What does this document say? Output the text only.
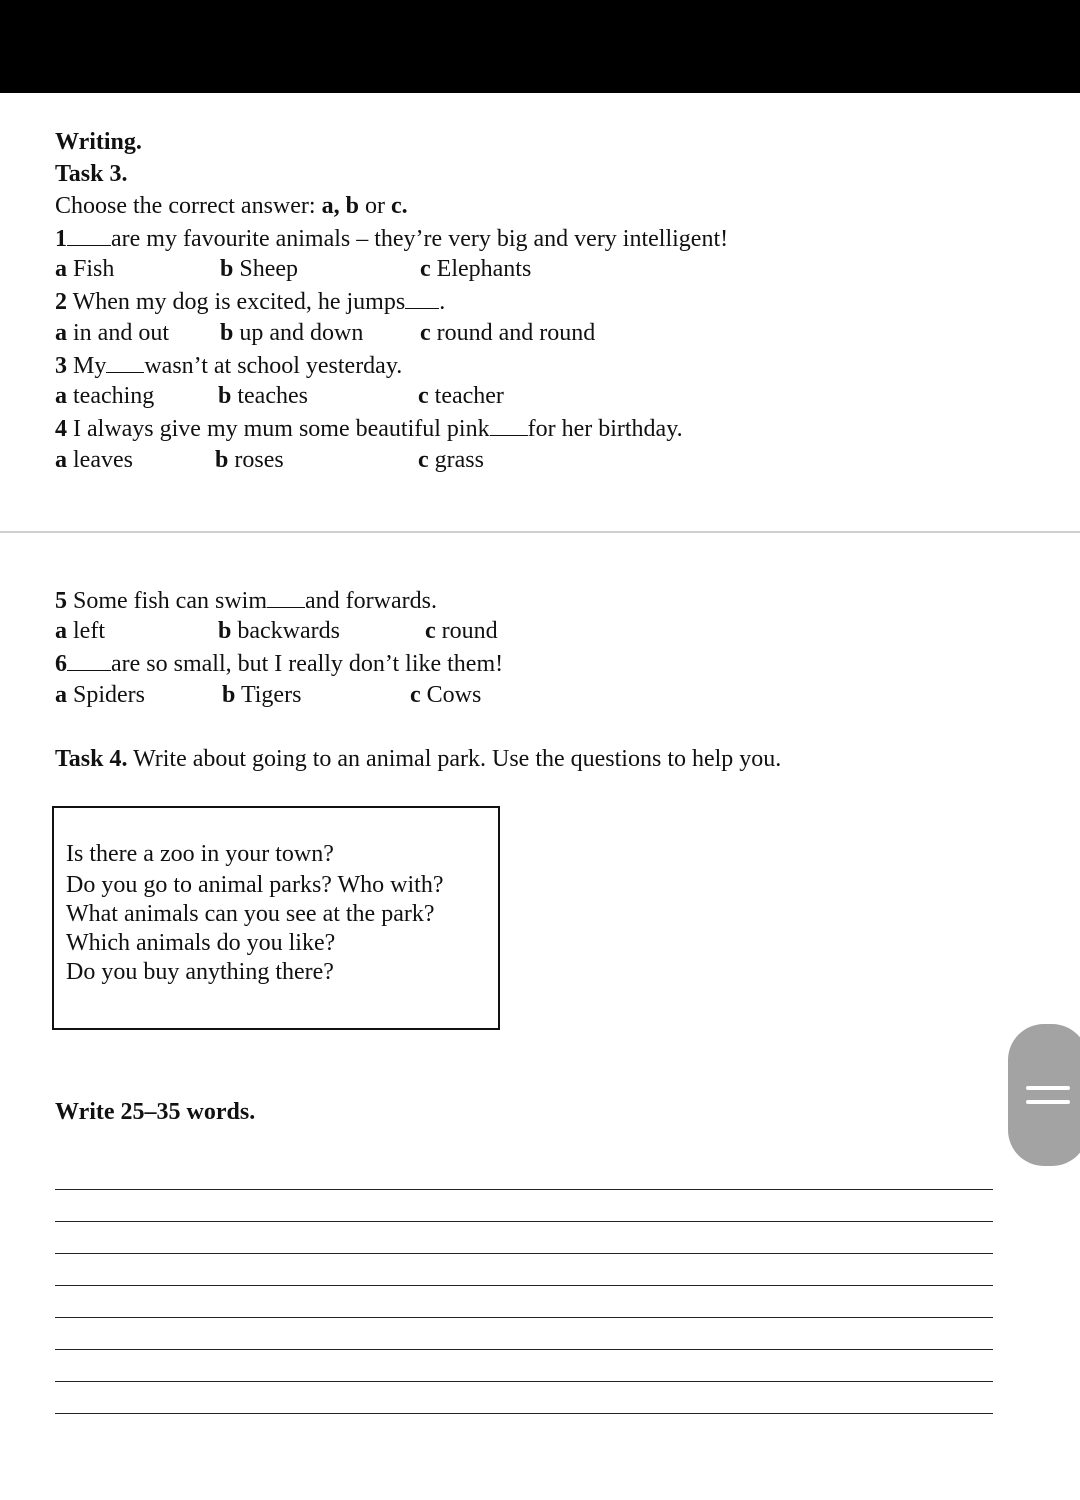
Writing.
Task 3.
Choose the correct answer: a, b or c.
1 are my favourite animals – they’re very big and very intelligent!
a Fish	b Sheep	c Elephants
2 When my dog is excited, he jumps .
a in and out b up and down c round and round
3 My wasn’t at school yesterday.
a teaching	b teaches	c teacher
4 I always give my mum some beautiful pink for her birthday.
a leaves	b roses	c grass
5 Some fish can swim and forwards.
a left	b backwards	c round
6 are so small, but I really don’t like them!
a Spiders	b Tigers	c Cows
Task 4. Write about going to an animal park. Use the questions to help you.
Is there a zoo in your town?
Do you go to animal parks? Who with?
What animals can you see at the park?
Which animals do you like?
Do you buy anything there?
Write 25–35 words.
